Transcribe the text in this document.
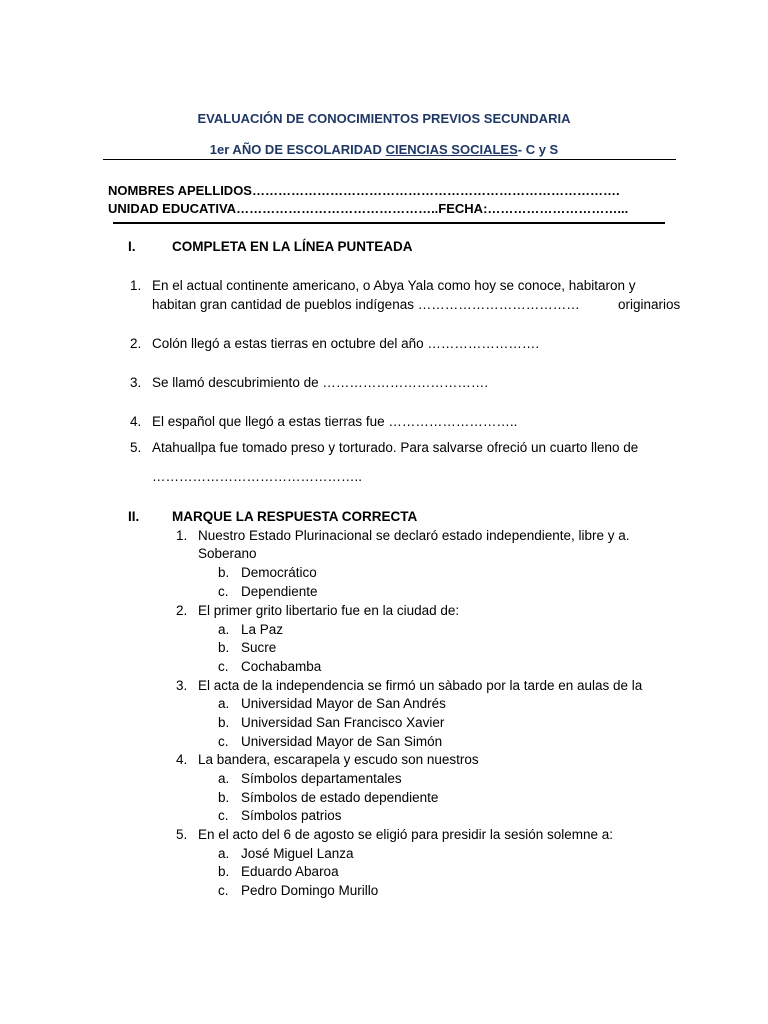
EVALUACIÓN DE CONOCIMIENTOS PREVIOS SECUNDARIA
1er AÑO DE ESCOLARIDAD CIENCIAS SOCIALES- C y S
NOMBRES APELLIDOS………………………………………………………………………….
UNIDAD EDUCATIVA………………………………………..FECHA:…………………………...
I.	COMPLETA EN LA LÍNEA PUNTEADA
1. En el actual continente americano, o Abya Yala como hoy se conoce, habitaron y
habitan gran cantidad de pueblos indígenas ………………………………	originarios
2. Colón llegó a estas tierras en octubre del año …………………….
3. Se llamó descubrimiento de ……………………………….
4. El español que llegó a estas tierras fue ………………………..
5. Atahuallpa fue tomado preso y torturado. Para salvarse ofreció un cuarto lleno de
………………………………………..
II. MARQUE LA RESPUESTA CORRECTA
1. Nuestro Estado Plurinacional se declaró estado independiente, libre y a.
Soberano
b. Democrático
c. Dependiente
2. El primer grito libertario fue en la ciudad de:
a. La Paz
b. Sucre
c. Cochabamba
3. El acta de la independencia se firmó un sàbado por la tarde en aulas de la
a. Universidad Mayor de San Andrés
b. Universidad San Francisco Xavier
c. Universidad Mayor de San Simón
4. La bandera, escarapela y escudo son nuestros
a. Símbolos departamentales
b. Símbolos de estado dependiente
c. Símbolos patrios
5. En el acto del 6 de agosto se eligió para presidir la sesión solemne a:
a. José Miguel Lanza
b. Eduardo Abaroa
c. Pedro Domingo Murillo
